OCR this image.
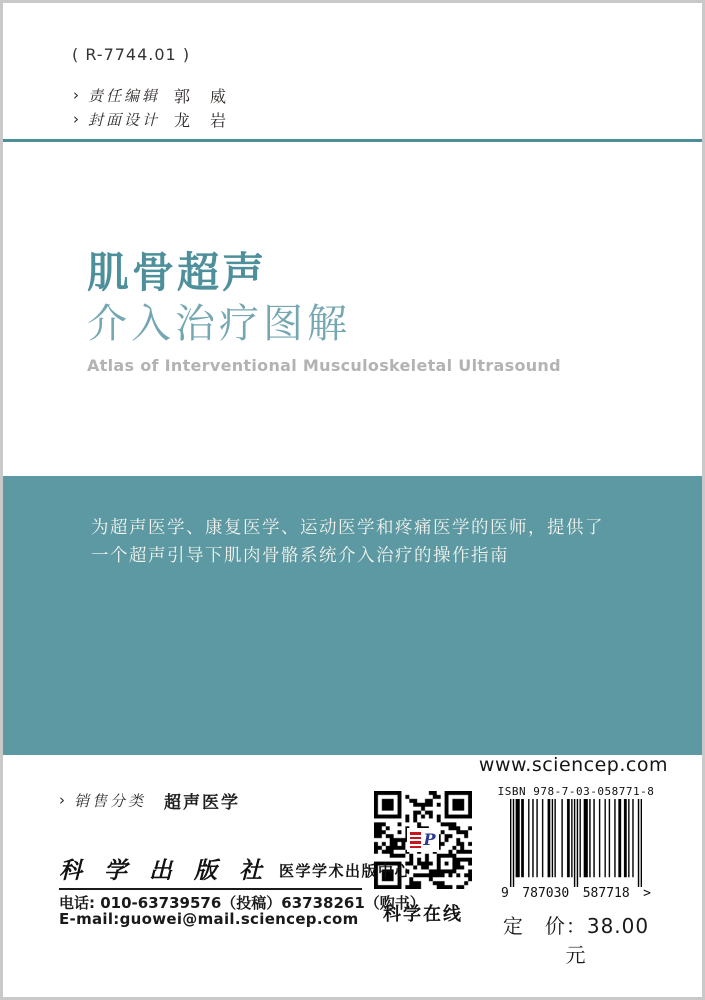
( R-7744.01 )
› 责任编辑 郭　威
› 封面设计 龙　岩
肌骨超声
介入治疗图解
Atlas of Interventional Musculoskeletal Ultrasound
为超声医学、康复医学、运动医学和疼痛医学的医师，提供了
一个超声引导下肌肉骨骼系统介入治疗的操作指南
www.sciencep.com
› 销售分类 超声医学
P
科学在线
科 学 出 版 社 医学学术出版中心
电话: 010-63739576（投稿）63738261（购书）
E-mail:guowei@mail.sciencep.com
ISBN 978-7-03-058771-8
9 787030 587718 >
定　价：38.00元
